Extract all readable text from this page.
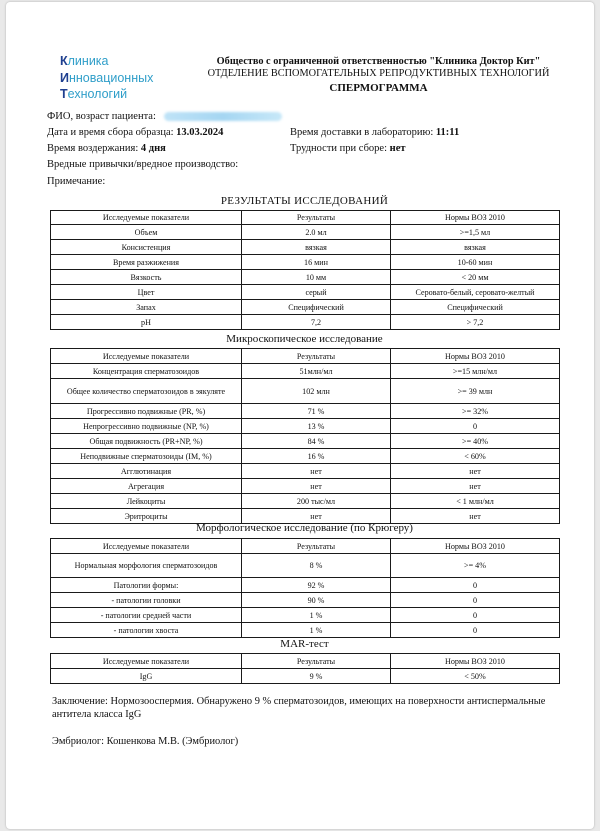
Клиника
Инновационных
Технологий
Общество с ограниченной ответственностью "Клиника Доктор Кит"
ОТДЕЛЕНИЕ ВСПОМОГАТЕЛЬНЫХ РЕПРОДУКТИВНЫХ ТЕХНОЛОГИЙ
СПЕРМОГРАММА
ФИО, возраст пациента:
Дата и время сбора образца: 13.03.2024	Время доставки в лабораторию: 11:11
Время воздержания: 4 дня	Трудности при сборе: нет
Вредные привычки/вредное производство:
Примечание:
РЕЗУЛЬТАТЫ ИССЛЕДОВАНИЙ
Исследуемые показатели	Результаты	Нормы ВОЗ 2010
Объем	2.0 мл	>=1,5 мл
Консистенция	вязкая	вязкая
Время разжижения	16 мин	10-60 мин
Вязкость	10 мм	< 20 мм
Цвет	серый	Серовато-белый, серовато-желтый
Запах	Специфический	Специфический
pH	7,2	> 7,2
Микроскопическое исследование
Исследуемые показатели	Результаты	Нормы ВОЗ 2010
Концентрация сперматозоидов	51млн/мл	>=15 млн/мл
Общее количество сперматозоидов в эякуляте	102 млн	>= 39 млн
Прогрессивно подвижные (PR, %)	71 %	>= 32%
Непрогрессивно подвижные (NP, %)	13 %	0
Общая подвижность (PR+NP, %)	84 %	>= 40%
Неподвижные сперматозоиды (IM, %)	16 %	< 60%
Агглютинация	нет	нет
Агрегация	нет	нет
Лейкоциты	200 тыс/мл	< 1 млн/мл
Эритроциты	нет	нет
Морфологическое исследование (по Крюгеру)
Исследуемые показатели	Результаты	Нормы ВОЗ 2010
Нормальная морфология сперматозоидов	8 %	>= 4%
Патологии формы:	92 %	0
- патологии головки	90 %	0
- патологии средней части	1 %	0
- патологии хвоста	1 %	0
MAR-тест
Исследуемые показатели	Результаты	Нормы ВОЗ 2010
IgG	9 %	< 50%
Заключение: Нормозооспермия. Обнаружено 9 % сперматозоидов, имеющих на поверхности антиспермальные антитела класса IgG
Эмбриолог: Кошенкова М.В. (Эмбриолог)
